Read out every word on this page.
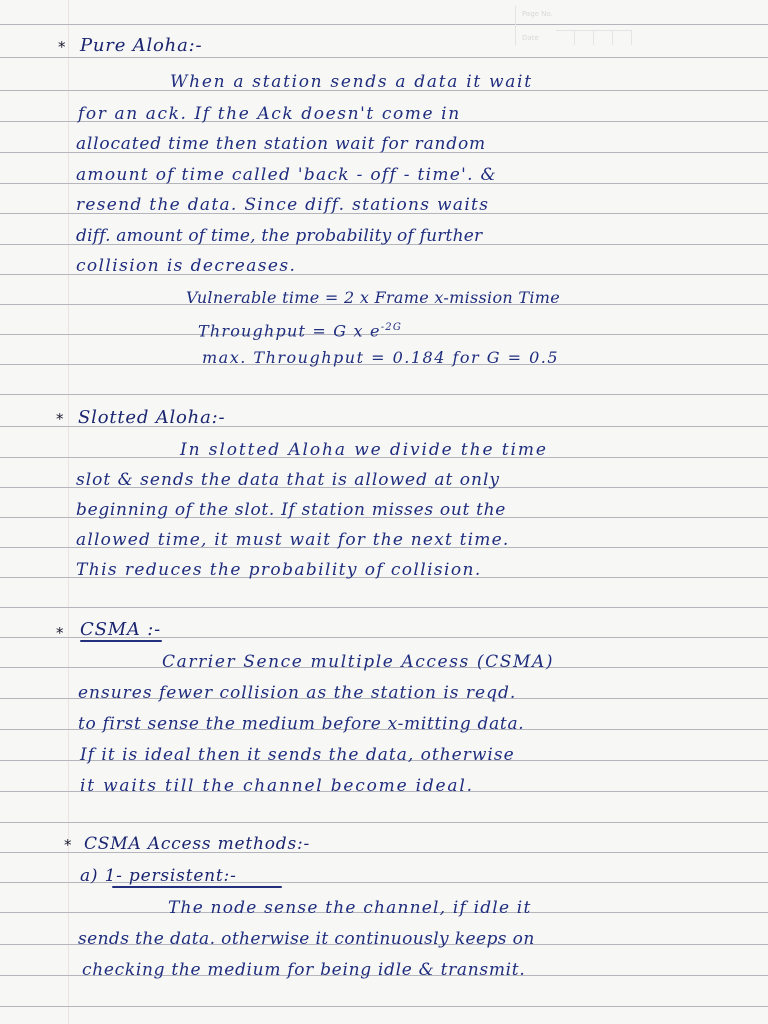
Page No.
Date
* Pure Aloha:-
When a station sends a data it wait
for an ack. If the Ack doesn't come in
allocated time then station wait for random
amount of time called 'back - off - time'. &
resend the data. Since diff. stations waits
diff. amount of time, the probability of further
collision is decreases.
Vulnerable time = 2 x Frame x-mission Time
Throughput = G x $e^{-2G}$
max. Throughput = 0.184 for G = 0.5
* Slotted Aloha:-
In slotted Aloha we divide the time
slot & sends the data that is allowed at only
beginning of the slot. If station misses out the
allowed time, it must wait for the next time.
This reduces the probability of collision.
* CSMA :-
Carrier Sence multiple Access (CSMA)
ensures fewer collision as the station is reqd.
to first sense the medium before x-mitting data.
If it is ideal then it sends the data, otherwise
it waits till the channel become ideal.
* CSMA Access methods:-
a) 1- persistent:-
The node sense the channel, if idle it
sends the data. otherwise it continuously keeps on
checking the medium for being idle & transmit.
